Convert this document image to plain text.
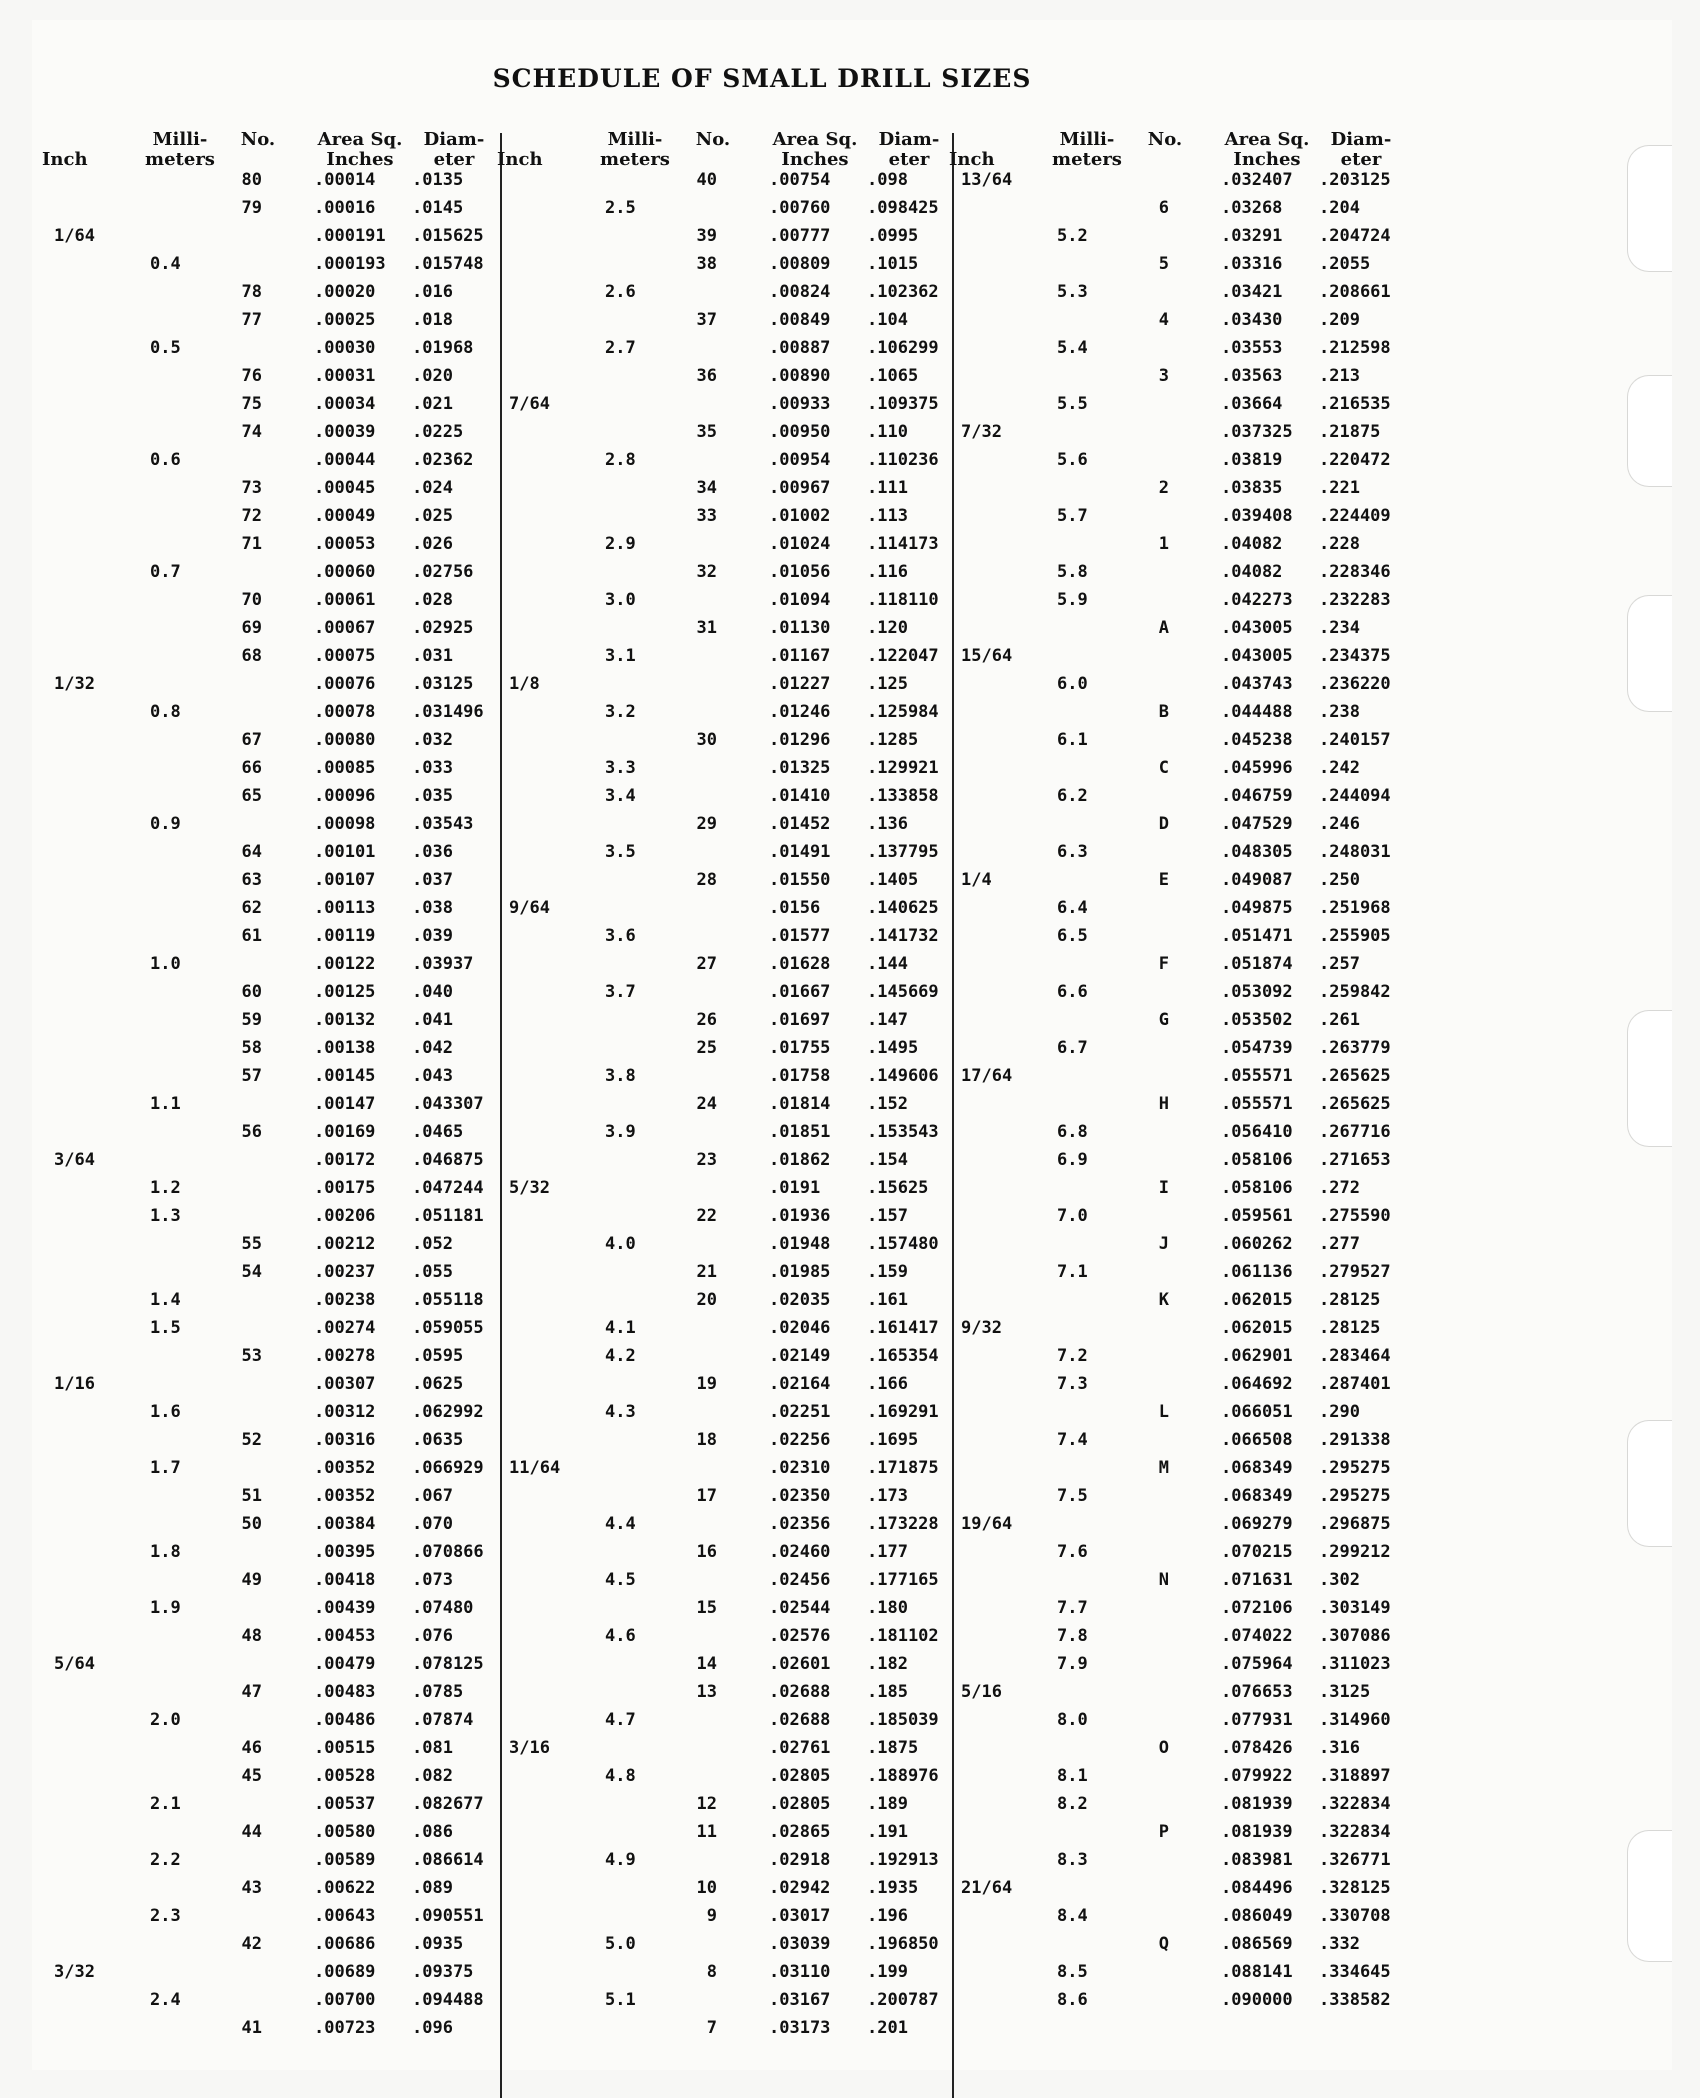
SCHEDULE OF SMALL DRILL SIZES
Inch
Milli-
meters
No. Area Sq.
Inches
Diam-
eter
80	.00014 .0135
79	.00016 .0145
1/64	.000191 .015625
0.4	.000193 .015748
78	.00020 .016
77	.00025 .018
0.5	.00030 .01968
76	.00031 .020
75	.00034 .021
74	.00039 .0225
0.6	.00044 .02362
73	.00045 .024
72	.00049 .025
71	.00053 .026
0.7	.00060 .02756
70	.00061 .028
69	.00067 .02925
68	.00075 .031
1/32	.00076 .03125
0.8	.00078 .031496
67	.00080 .032
66	.00085 .033
65	.00096 .035
0.9	.00098 .03543
64	.00101 .036
63	.00107 .037
62	.00113 .038
61	.00119 .039
1.0	.00122 .03937
60	.00125 .040
59	.00132 .041
58	.00138 .042
57	.00145 .043
1.1	.00147 .043307
56	.00169 .0465
3/64	.00172 .046875
1.2	.00175 .047244
1.3	.00206 .051181
55	.00212 .052
54	.00237 .055
1.4	.00238 .055118
1.5	.00274 .059055
53	.00278 .0595
1/16	.00307 .0625
1.6	.00312 .062992
52	.00316 .0635
1.7	.00352 .066929
51	.00352 .067
50	.00384 .070
1.8	.00395 .070866
49	.00418 .073
1.9	.00439 .07480
48	.00453 .076
5/64	.00479 .078125
47	.00483 .0785
2.0	.00486 .07874
46	.00515 .081
45	.00528 .082
2.1	.00537 .082677
44	.00580 .086
2.2	.00589 .086614
43	.00622 .089
2.3	.00643 .090551
42	.00686 .0935
3/32	.00689 .09375
2.4	.00700 .094488
41	.00723 .096
Inch
Milli-
meters
No. Area Sq.
Inches
Diam-
eter
40	.00754 .098
2.5	.00760 .098425
39	.00777 .0995
38	.00809 .1015
2.6	.00824 .102362
37	.00849 .104
2.7	.00887 .106299
36	.00890 .1065
7/64	.00933 .109375
35	.00950 .110
2.8	.00954 .110236
34	.00967 .111
33	.01002 .113
2.9	.01024 .114173
32	.01056 .116
3.0	.01094 .118110
31	.01130 .120
3.1	.01167 .122047
1/8	.01227 .125
3.2	.01246 .125984
30	.01296 .1285
3.3	.01325 .129921
3.4	.01410 .133858
29	.01452 .136
3.5	.01491 .137795
28	.01550 .1405
9/64	.0156	.140625
3.6	.01577 .141732
27	.01628 .144
3.7	.01667 .145669
26	.01697 .147
25	.01755 .1495
3.8	.01758 .149606
24	.01814 .152
3.9	.01851 .153543
23	.01862 .154
5/32	.0191	.15625
22	.01936 .157
4.0	.01948 .157480
21	.01985 .159
20	.02035 .161
4.1	.02046 .161417
4.2	.02149 .165354
19	.02164 .166
4.3	.02251 .169291
18	.02256 .1695
11/64	.02310 .171875
17	.02350 .173
4.4	.02356 .173228
16	.02460 .177
4.5	.02456 .177165
15	.02544 .180
4.6	.02576 .181102
14	.02601 .182
13	.02688 .185
4.7	.02688 .185039
3/16	.02761 .1875
4.8	.02805 .188976
12	.02805 .189
11	.02865 .191
4.9	.02918 .192913
10	.02942 .1935
9	.03017 .196
5.0	.03039 .196850
8	.03110 .199
5.1	.03167 .200787
7	.03173 .201
Inch
Milli-
meters
No. Area Sq.
Inches
Diam-
eter
13/64	.032407 .203125
6	.03268 .204
5.2	.03291 .204724
5	.03316 .2055
5.3	.03421 .208661
4	.03430 .209
5.4	.03553 .212598
3	.03563 .213
5.5	.03664 .216535
7/32	.037325 .21875
5.6	.03819 .220472
2	.03835 .221
5.7	.039408 .224409
1	.04082 .228
5.8	.04082 .228346
5.9	.042273 .232283
A	.043005 .234
15/64	.043005 .234375
6.0	.043743 .236220
B	.044488 .238
6.1	.045238 .240157
C	.045996 .242
6.2	.046759 .244094
D	.047529 .246
6.3	.048305 .248031
1/4	E	.049087 .250
6.4	.049875 .251968
6.5	.051471 .255905
F	.051874 .257
6.6	.053092 .259842
G	.053502 .261
6.7	.054739 .263779
17/64	.055571 .265625
H	.055571 .265625
6.8	.056410 .267716
6.9	.058106 .271653
I	.058106 .272
7.0	.059561 .275590
J	.060262 .277
7.1	.061136 .279527
K	.062015 .28125
9/32	.062015 .28125
7.2	.062901 .283464
7.3	.064692 .287401
L	.066051 .290
7.4	.066508 .291338
M	.068349 .295275
7.5	.068349 .295275
19/64	.069279 .296875
7.6	.070215 .299212
N	.071631 .302
7.7	.072106 .303149
7.8	.074022 .307086
7.9	.075964 .311023
5/16	.076653 .3125
8.0	.077931 .314960
O	.078426 .316
8.1	.079922 .318897
8.2	.081939 .322834
P	.081939 .322834
8.3	.083981 .326771
21/64	.084496 .328125
8.4	.086049 .330708
Q	.086569 .332
8.5	.088141 .334645
8.6	.090000 .338582
